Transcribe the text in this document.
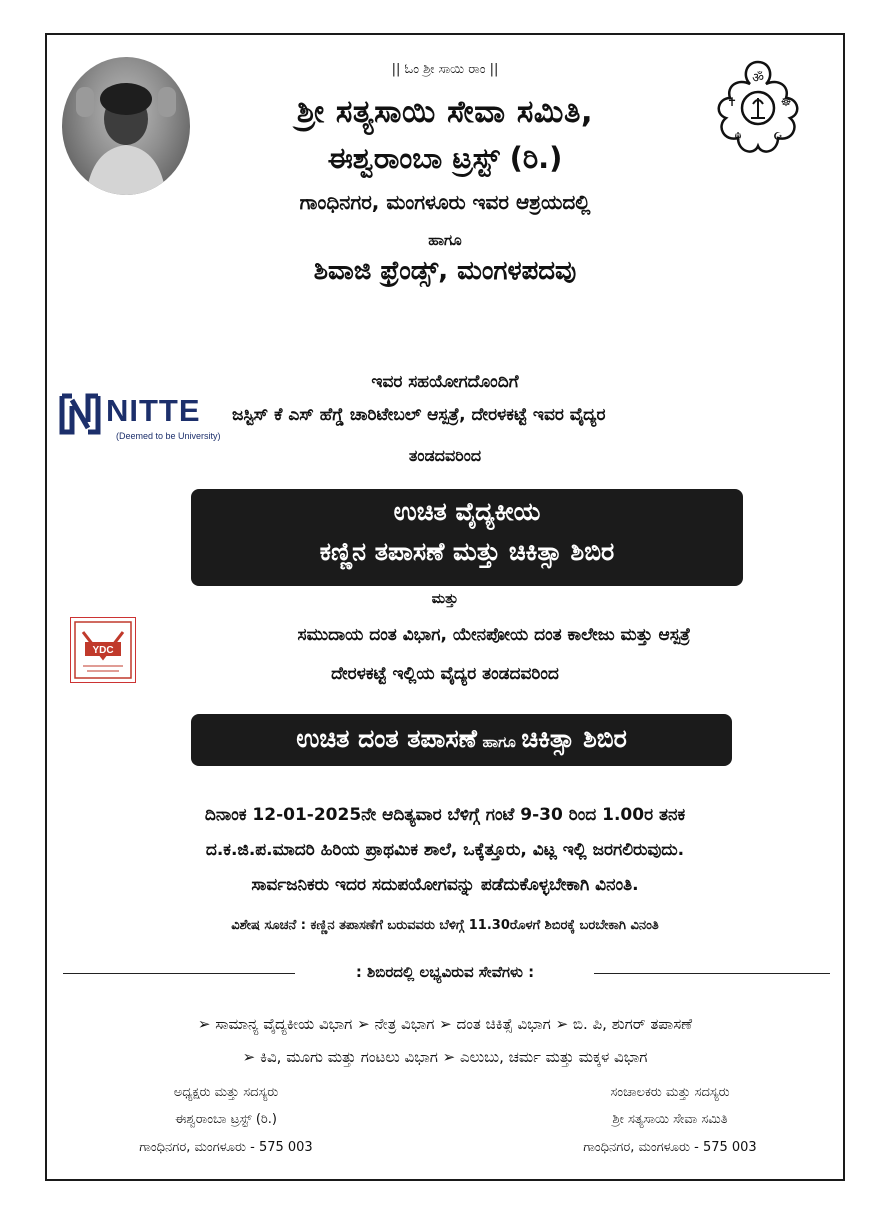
ॐ
✝	☸
☬	☪
|| ಓಂ ಶ್ರೀ ಸಾಯಿ ರಾಂ ||
ಶ್ರೀ ಸತ್ಯಸಾಯಿ ಸೇವಾ ಸಮಿತಿ,
ಈಶ್ವರಾಂಬಾ ಟ್ರಸ್ಟ್ (ರಿ.)
ಗಾಂಧಿನಗರ, ಮಂಗಳೂರು ಇವರ ಆಶ್ರಯದಲ್ಲಿ
ಹಾಗೂ
ಶಿವಾಜಿ ಫ್ರೆಂಡ್ಸ್, ಮಂಗಳಪದವು
ಇವರ ಸಹಯೋಗದೊಂದಿಗೆ
NITTE
(Deemed to be University)
ಜಸ್ಟಿಸ್ ಕೆ ಎಸ್ ಹೆಗ್ಡೆ ಚಾರಿಟೇಬಲ್ ಆಸ್ಪತ್ರೆ, ದೇರಳಕಟ್ಟೆ ಇವರ ವೈದ್ಯರ
ತಂಡದವರಿಂದ
ಉಚಿತ ವೈದ್ಯಕೀಯ
ಕಣ್ಣಿನ ತಪಾಸಣೆ ಮತ್ತು ಚಿಕಿತ್ಸಾ ಶಿಬಿರ
ಮತ್ತು
YDC
ಸಮುದಾಯ ದಂತ ವಿಭಾಗ, ಯೇನಪೋಯ ದಂತ ಕಾಲೇಜು ಮತ್ತು ಆಸ್ಪತ್ರೆ
ದೇರಳಕಟ್ಟೆ ಇಲ್ಲಿಯ ವೈದ್ಯರ ತಂಡದವರಿಂದ
ಉಚಿತ ದಂತ ತಪಾಸಣೆ ಹಾಗೂ ಚಿಕಿತ್ಸಾ ಶಿಬಿರ
ದಿನಾಂಕ 12-01-2025ನೇ ಆದಿತ್ಯವಾರ ಬೆಳಿಗ್ಗೆ ಗಂಟೆ 9-30 ರಿಂದ 1.00ರ ತನಕ
ದ.ಕ.ಜಿ.ಪ.ಮಾದರಿ ಹಿರಿಯ ಪ್ರಾಥಮಿಕ ಶಾಲೆ, ಒಕ್ಕೆತ್ತೂರು, ವಿಟ್ಲ ಇಲ್ಲಿ ಜರಗಲಿರುವುದು.
ಸಾರ್ವಜನಿಕರು ಇದರ ಸದುಪಯೋಗವನ್ನು ಪಡೆದುಕೊಳ್ಳಬೇಕಾಗಿ ವಿನಂತಿ.
ವಿಶೇಷ ಸೂಚನೆ : ಕಣ್ಣಿನ ತಪಾಸಣೆಗೆ ಬರುವವರು ಬೆಳಿಗ್ಗೆ 11.30ರೊಳಗೆ ಶಿಬಿರಕ್ಕೆ ಬರಬೇಕಾಗಿ ವಿನಂತಿ
: ಶಿಬಿರದಲ್ಲಿ ಲಭ್ಯವಿರುವ ಸೇವೆಗಳು :
➢ ಸಾಮಾನ್ಯ ವೈದ್ಯಕೀಯ ವಿಭಾಗ ➢ ನೇತ್ರ ವಿಭಾಗ ➢ ದಂತ ಚಿಕಿತ್ಸೆ ವಿಭಾಗ ➢ ಬಿ. ಪಿ, ಶುಗರ್ ತಪಾಸಣೆ
➢ ಕಿವಿ, ಮೂಗು ಮತ್ತು ಗಂಟಲು ವಿಭಾಗ ➢ ಎಲುಬು, ಚರ್ಮ ಮತ್ತು ಮಕ್ಕಳ ವಿಭಾಗ
ಅಧ್ಯಕ್ಷರು ಮತ್ತು ಸದಸ್ಯರು
ಈಶ್ವರಾಂಬಾ ಟ್ರಸ್ಟ್ (ರಿ.)
ಗಾಂಧಿನಗರ, ಮಂಗಳೂರು - 575 003
ಸಂಚಾಲಕರು ಮತ್ತು ಸದಸ್ಯರು
ಶ್ರೀ ಸತ್ಯಸಾಯಿ ಸೇವಾ ಸಮಿತಿ
ಗಾಂಧಿನಗರ, ಮಂಗಳೂರು - 575 003
